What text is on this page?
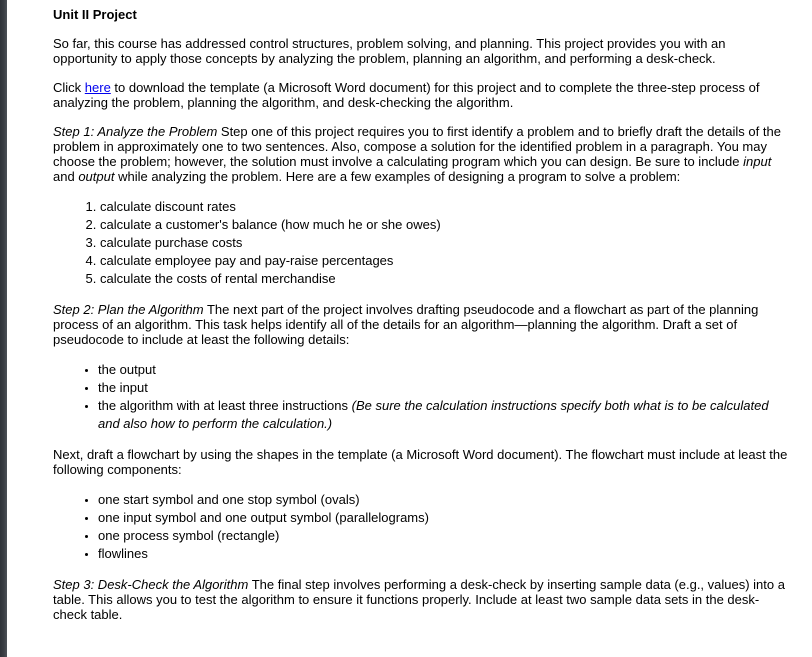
Unit II Project

So far, this course has addressed control structures, problem solving, and planning. This project provides you with an opportunity to apply those concepts by analyzing the problem, planning an algorithm, and performing a desk-check.

Click here to download the template (a Microsoft Word document) for this project and to complete the three-step process of analyzing the problem, planning the algorithm, and desk-checking the algorithm.

Step 1: Analyze the Problem Step one of this project requires you to first identify a problem and to briefly draft the details of the problem in approximately one to two sentences. Also, compose a solution for the identified problem in a paragraph. You may choose the problem; however, the solution must involve a calculating program which you can design. Be sure to include input and output while analyzing the problem. Here are a few examples of designing a program to solve a problem:

1. calculate discount rates
2. calculate a customer's balance (how much he or she owes)
3. calculate purchase costs
4. calculate employee pay and pay-raise percentages
5. calculate the costs of rental merchandise

Step 2: Plan the Algorithm The next part of the project involves drafting pseudocode and a flowchart as part of the planning process of an algorithm. This task helps identify all of the details for an algorithm—planning the algorithm. Draft a set of pseudocode to include at least the following details:

• the output
• the input
• the algorithm with at least three instructions (Be sure the calculation instructions specify both what is to be calculated and also how to perform the calculation.)

Next, draft a flowchart by using the shapes in the template (a Microsoft Word document). The flowchart must include at least the following components:

• one start symbol and one stop symbol (ovals)
• one input symbol and one output symbol (parallelograms)
• one process symbol (rectangle)
• flowlines

Step 3: Desk-Check the Algorithm The final step involves performing a desk-check by inserting sample data (e.g., values) into a table. This allows you to test the algorithm to ensure it functions properly. Include at least two sample data sets in the desk-check table.
